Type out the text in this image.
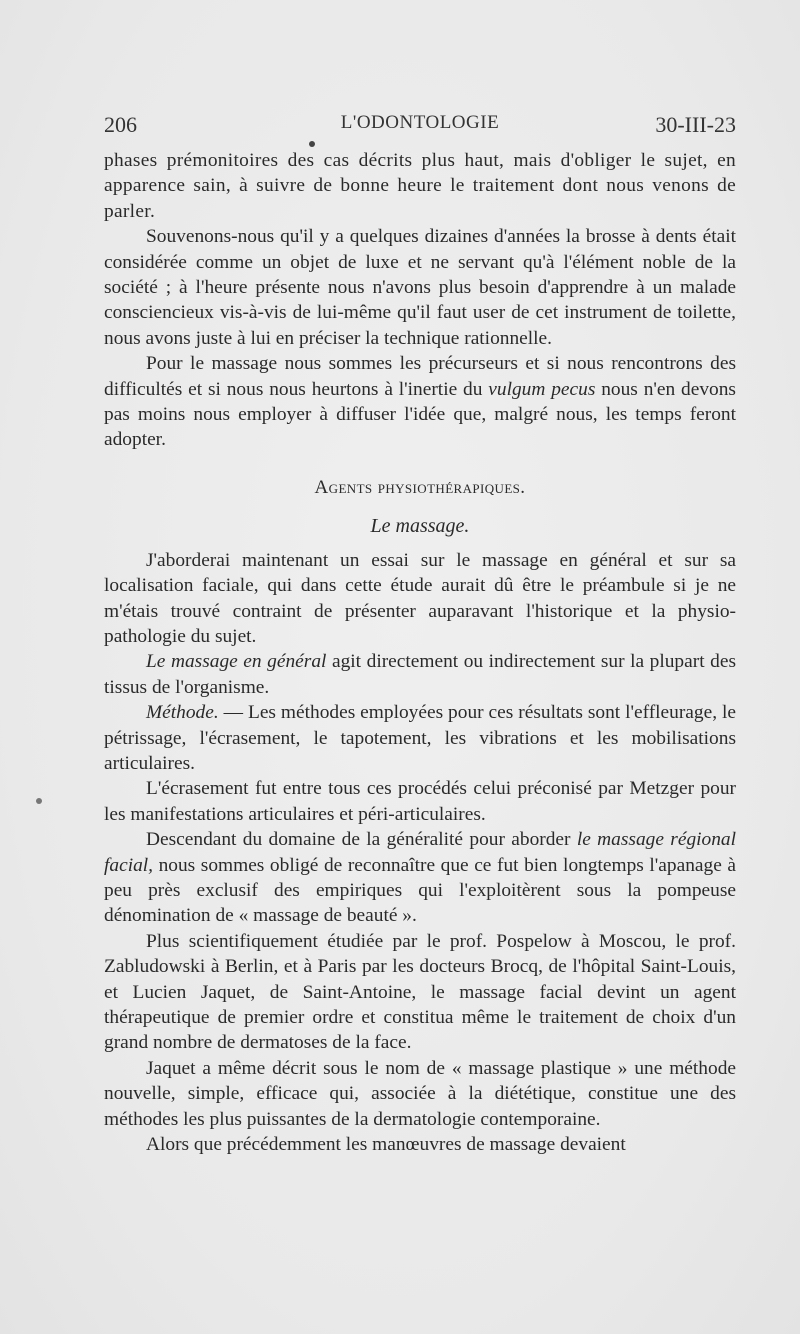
206	L'ODONTOLOGIE	30-III-23

phases prémonitoires des cas décrits plus haut, mais d'obliger le sujet, en apparence sain, à suivre de bonne heure le traitement dont nous venons de parler.

Souvenons-nous qu'il y a quelques dizaines d'années la brosse à dents était considérée comme un objet de luxe et ne servant qu'à l'élément noble de la société ; à l'heure présente nous n'avons plus besoin d'apprendre à un malade consciencieux vis-à-vis de lui-même qu'il faut user de cet instrument de toilette, nous avons juste à lui en préciser la technique rationnelle.

Pour le massage nous sommes les précurseurs et si nous rencontrons des difficultés et si nous nous heurtons à l'inertie du vulgum pecus nous n'en devons pas moins nous employer à diffuser l'idée que, malgré nous, les temps feront adopter.

Agents physiothérapiques.
Le massage.

J'aborderai maintenant un essai sur le massage en général et sur sa localisation faciale, qui dans cette étude aurait dû être le préambule si je ne m'étais trouvé contraint de présenter auparavant l'historique et la physio-pathologie du sujet.

Le massage en général agit directement ou indirectement sur la plupart des tissus de l'organisme.

Méthode. — Les méthodes employées pour ces résultats sont l'effleurage, le pétrissage, l'écrasement, le tapotement, les vibrations et les mobilisations articulaires.

L'écrasement fut entre tous ces procédés celui préconisé par Metzger pour les manifestations articulaires et péri-articulaires.

Descendant du domaine de la généralité pour aborder le massage régional facial, nous sommes obligé de reconnaître que ce fut bien longtemps l'apanage à peu près exclusif des empiriques qui l'exploitèrent sous la pompeuse dénomination de « massage de beauté ».

Plus scientifiquement étudiée par le prof. Pospelow à Moscou, le prof. Zabludowski à Berlin, et à Paris par les docteurs Brocq, de l'hôpital Saint-Louis, et Lucien Jaquet, de Saint-Antoine, le massage facial devint un agent thérapeutique de premier ordre et constitua même le traitement de choix d'un grand nombre de dermatoses de la face.

Jaquet a même décrit sous le nom de « massage plastique » une méthode nouvelle, simple, efficace qui, associée à la diététique, constitue une des méthodes les plus puissantes de la dermatologie contemporaine.

Alors que précédemment les manœuvres de massage devaient
